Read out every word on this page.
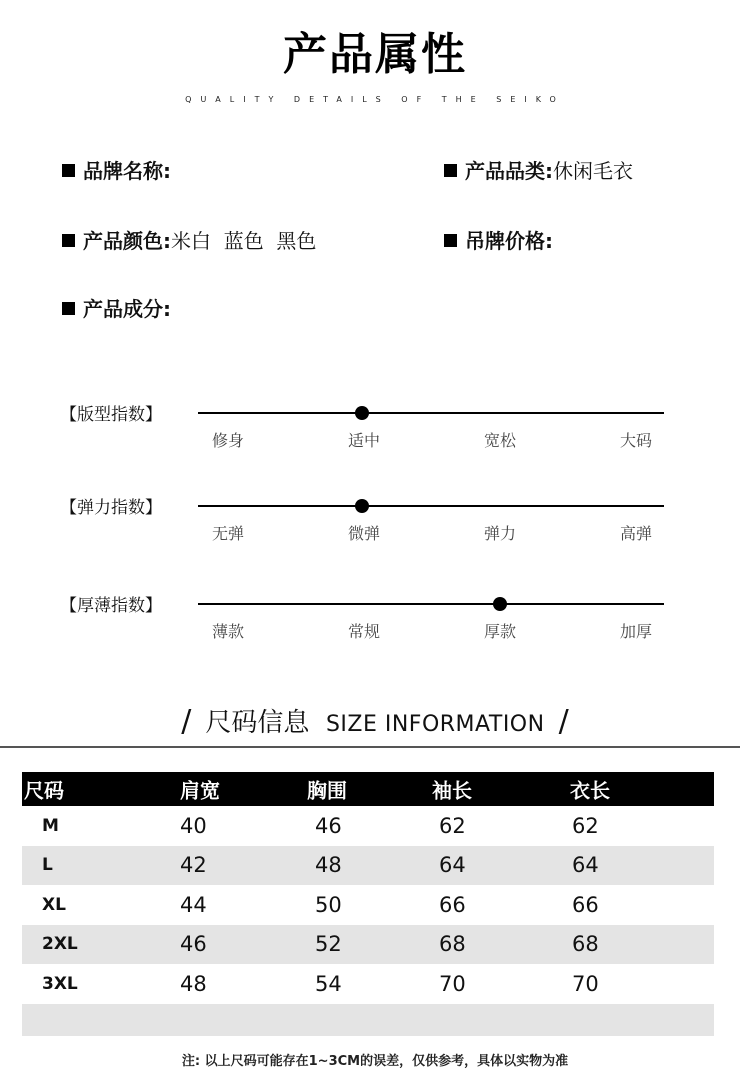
产品属性
QUALITY DETAILS OF THE SEIKO
品牌名称:	产品品类:休闲毛衣
产品颜色:米白  蓝色  黑色	吊牌价格:
产品成分:
【版型指数】
修身	适中	宽松	大码
【弹力指数】
无弹	微弹	弹力	高弹
【厚薄指数】
薄款	常规	厚款	加厚
/ 尺码信息 SIZE INFORMATION /
尺码	肩宽	胸围	袖长	衣长
M	40	46	62	62
L	42	48	64	64
XL	44	50	66	66
2XL	46	52	68	68
3XL	48	54	70	70
注: 以上尺码可能存在1~3CM的误差，仅供参考，具体以实物为准
